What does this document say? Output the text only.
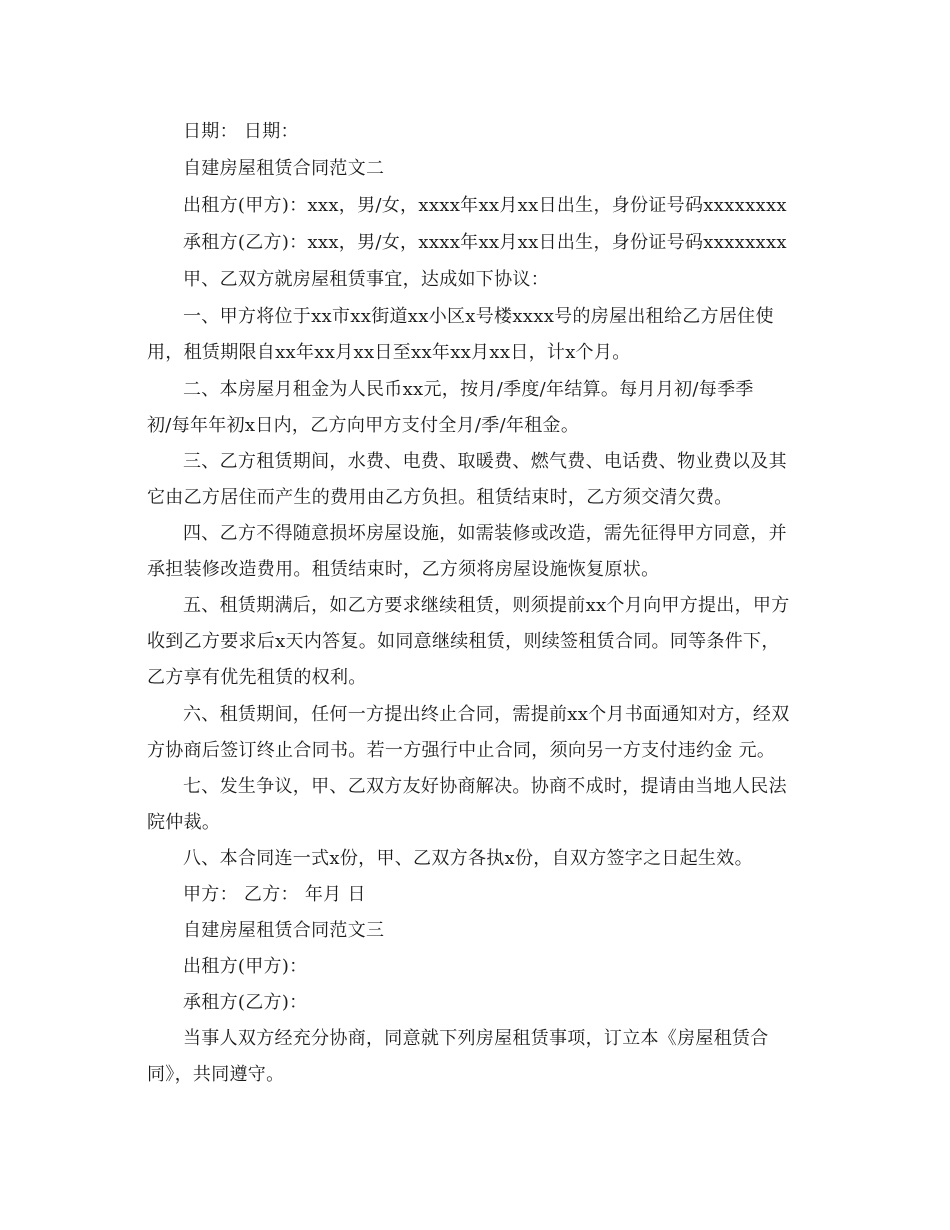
日期： 日期：
自建房屋租赁合同范文二
出租方(甲方)：xxx，男/女，xxxx年xx月xx日出生，身份证号码xxxxxxxx
承租方(乙方)：xxx，男/女，xxxx年xx月xx日出生，身份证号码xxxxxxxx
甲、乙双方就房屋租赁事宜，达成如下协议：
一、甲方将位于xx市xx街道xx小区x号楼xxxx号的房屋出租给乙方居住使
用，租赁期限自xx年xx月xx日至xx年xx月xx日，计x个月。
二、本房屋月租金为人民币xx元，按月/季度/年结算。每月月初/每季季
初/每年年初x日内，乙方向甲方支付全月/季/年租金。
三、乙方租赁期间，水费、电费、取暖费、燃气费、电话费、物业费以及其
它由乙方居住而产生的费用由乙方负担。租赁结束时，乙方须交清欠费。
四、乙方不得随意损坏房屋设施，如需装修或改造，需先征得甲方同意，并
承担装修改造费用。租赁结束时，乙方须将房屋设施恢复原状。
五、租赁期满后，如乙方要求继续租赁，则须提前xx个月向甲方提出，甲方
收到乙方要求后x天内答复。如同意继续租赁，则续签租赁合同。同等条件下，
乙方享有优先租赁的权利。
六、租赁期间，任何一方提出终止合同，需提前xx个月书面通知对方，经双
方协商后签订终止合同书。若一方强行中止合同，须向另一方支付违约金 元。
七、发生争议，甲、乙双方友好协商解决。协商不成时，提请由当地人民法
院仲裁。
八、本合同连一式x份，甲、乙双方各执x份，自双方签字之日起生效。
甲方： 乙方： 年月 日
自建房屋租赁合同范文三
出租方(甲方)：
承租方(乙方)：
当事人双方经充分协商，同意就下列房屋租赁事项，订立本《房屋租赁合
同》，共同遵守。
